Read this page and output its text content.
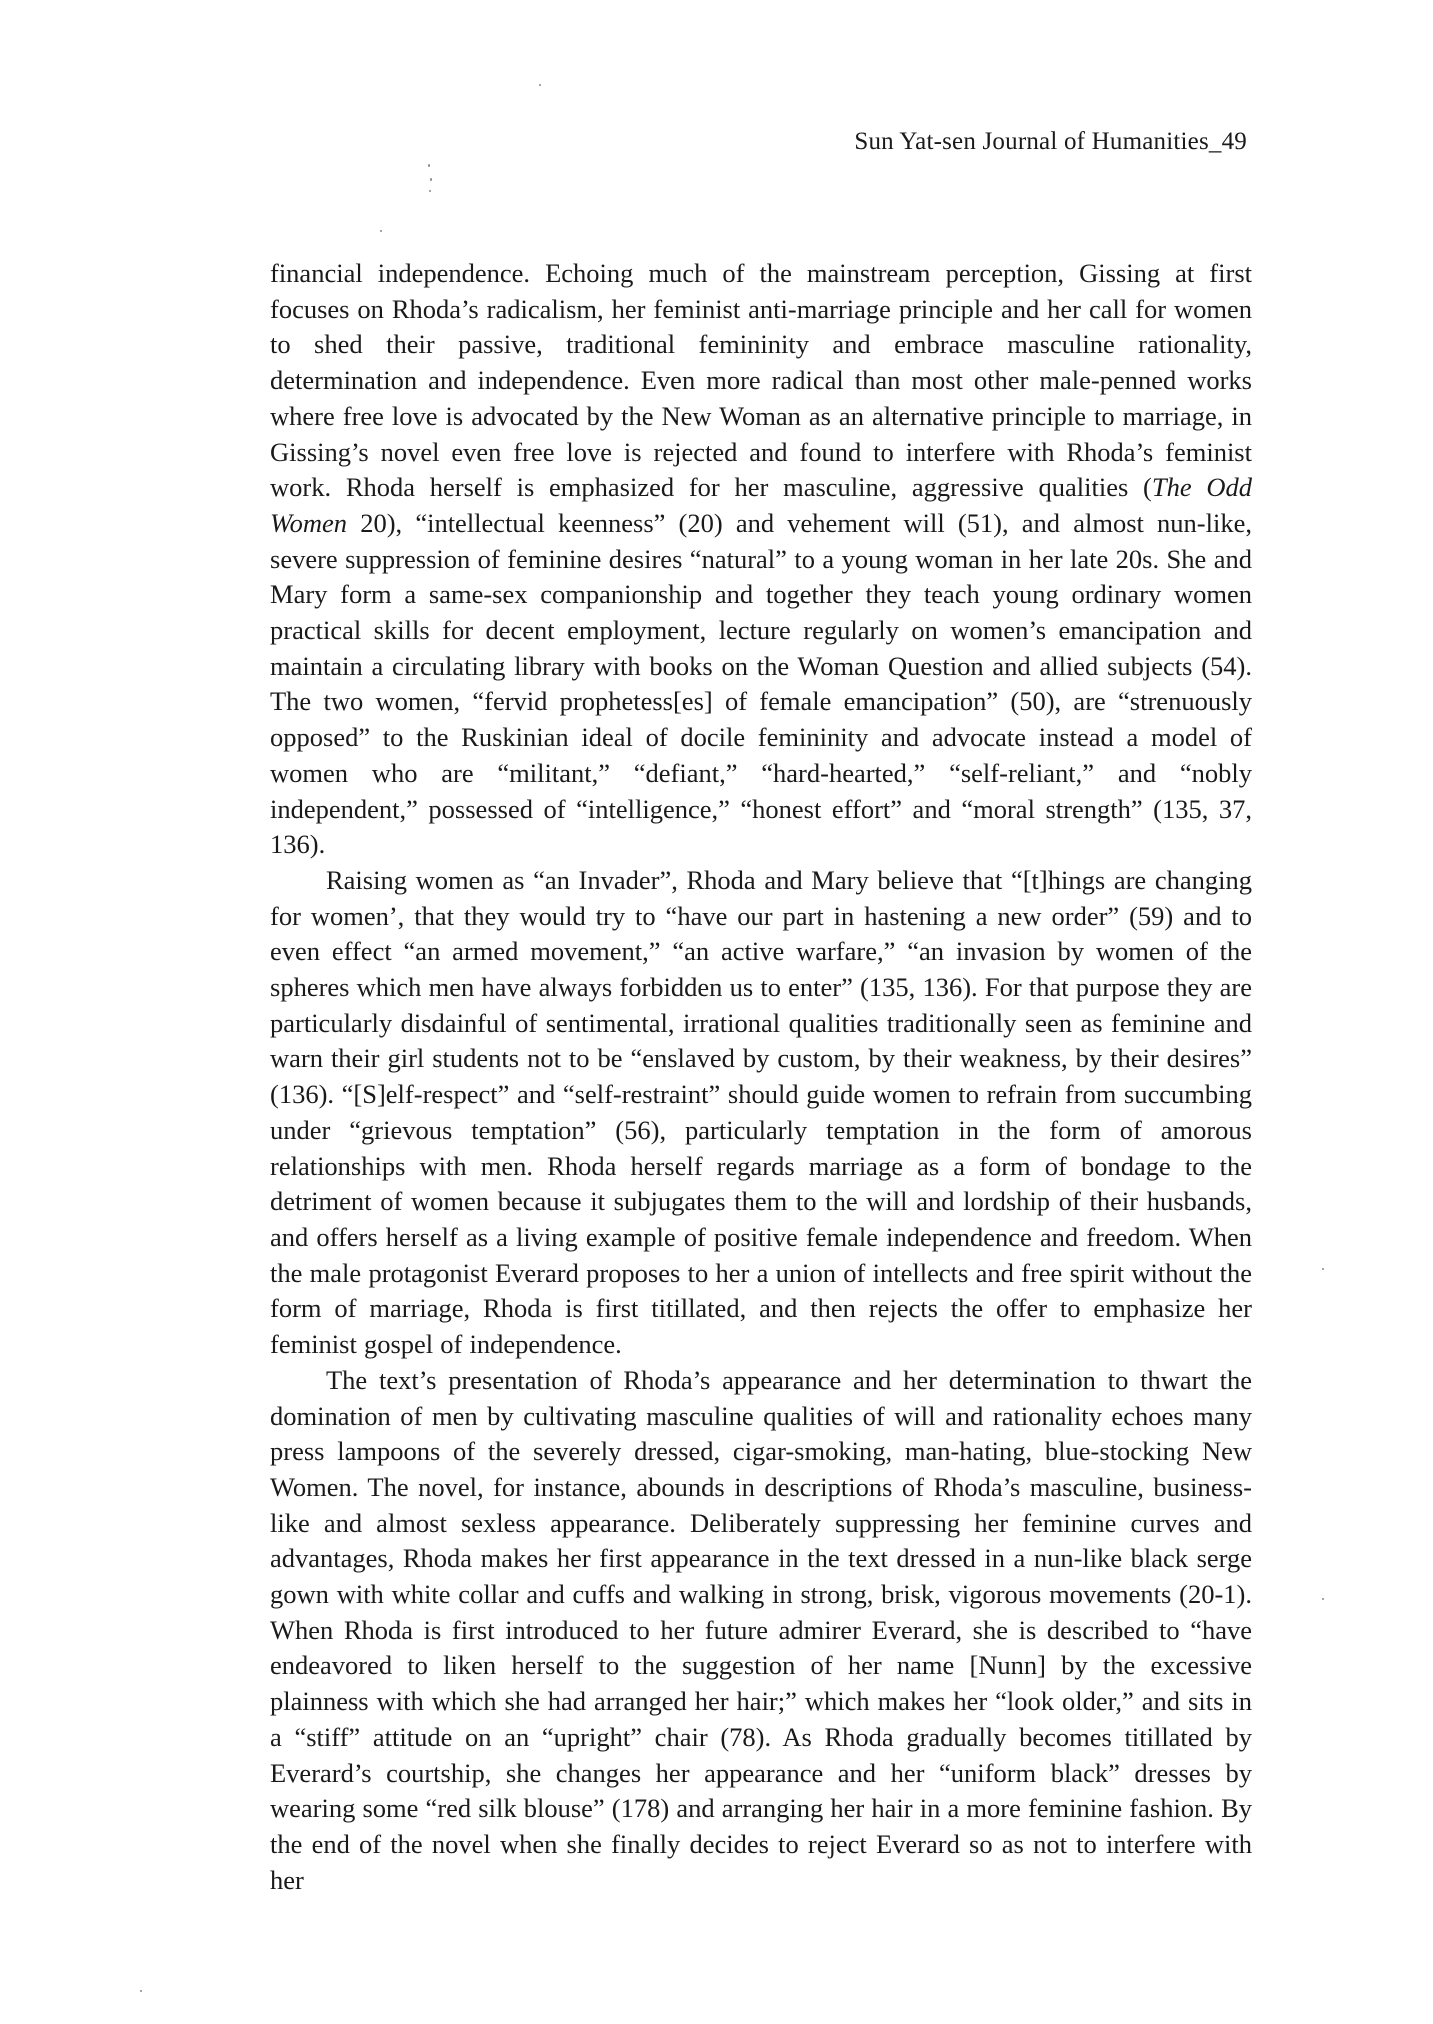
Sun Yat-sen Journal of Humanities_49

financial independence. Echoing much of the mainstream perception, Gissing at first focuses on Rhoda’s radicalism, her feminist anti-marriage principle and her call for women to shed their passive, traditional femininity and embrace masculine rationality, determination and independence. Even more radical than most other male-penned works where free love is advocated by the New Woman as an alternative principle to marriage, in Gissing’s novel even free love is rejected and found to interfere with Rhoda’s feminist work. Rhoda herself is emphasized for her masculine, aggressive qualities (The Odd Women 20), “intellectual keenness” (20) and vehement will (51), and almost nun-like, severe suppression of feminine desires “natural” to a young woman in her late 20s. She and Mary form a same-sex companionship and together they teach young ordinary women practical skills for decent employment, lecture regularly on women’s emancipation and maintain a circulating library with books on the Woman Question and allied subjects (54). The two women, “fervid prophetess[es] of female emancipation” (50), are “strenuously opposed” to the Ruskinian ideal of docile femininity and advocate instead a model of women who are “militant,” “defiant,” “hard-hearted,” “self-reliant,” and “nobly independent,” possessed of “intelligence,” “honest effort” and “moral strength” (135, 37, 136).

Raising women as “an Invader”, Rhoda and Mary believe that “[t]hings are changing for women’, that they would try to “have our part in hastening a new order” (59) and to even effect “an armed movement,” “an active warfare,” “an invasion by women of the spheres which men have always forbidden us to enter” (135, 136). For that purpose they are particularly disdainful of sentimental, irrational qualities traditionally seen as feminine and warn their girl students not to be “enslaved by custom, by their weakness, by their desires” (136). “[S]elf-respect” and “self-restraint” should guide women to refrain from succumbing under “grievous temptation” (56), particularly temptation in the form of amorous relationships with men. Rhoda herself regards marriage as a form of bondage to the detriment of women because it subjugates them to the will and lordship of their husbands, and offers herself as a living example of positive female independence and freedom. When the male protagonist Everard proposes to her a union of intellects and free spirit without the form of marriage, Rhoda is first titillated, and then rejects the offer to emphasize her feminist gospel of independence.

The text’s presentation of Rhoda’s appearance and her determination to thwart the domination of men by cultivating masculine qualities of will and rationality echoes many press lampoons of the severely dressed, cigar-smoking, man-hating, blue-stocking New Women. The novel, for instance, abounds in descriptions of Rhoda’s masculine, business-like and almost sexless appearance. Deliberately suppressing her feminine curves and advantages, Rhoda makes her first appearance in the text dressed in a nun-like black serge gown with white collar and cuffs and walking in strong, brisk, vigorous movements (20-1). When Rhoda is first introduced to her future admirer Everard, she is described to “have endeavored to liken herself to the suggestion of her name [Nunn] by the excessive plainness with which she had arranged her hair;” which makes her “look older,” and sits in a “stiff” attitude on an “upright” chair (78). As Rhoda gradually becomes titillated by Everard’s courtship, she changes her appearance and her “uniform black” dresses by wearing some “red silk blouse” (178) and arranging her hair in a more feminine fashion. By the end of the novel when she finally decides to reject Everard so as not to interfere with her
